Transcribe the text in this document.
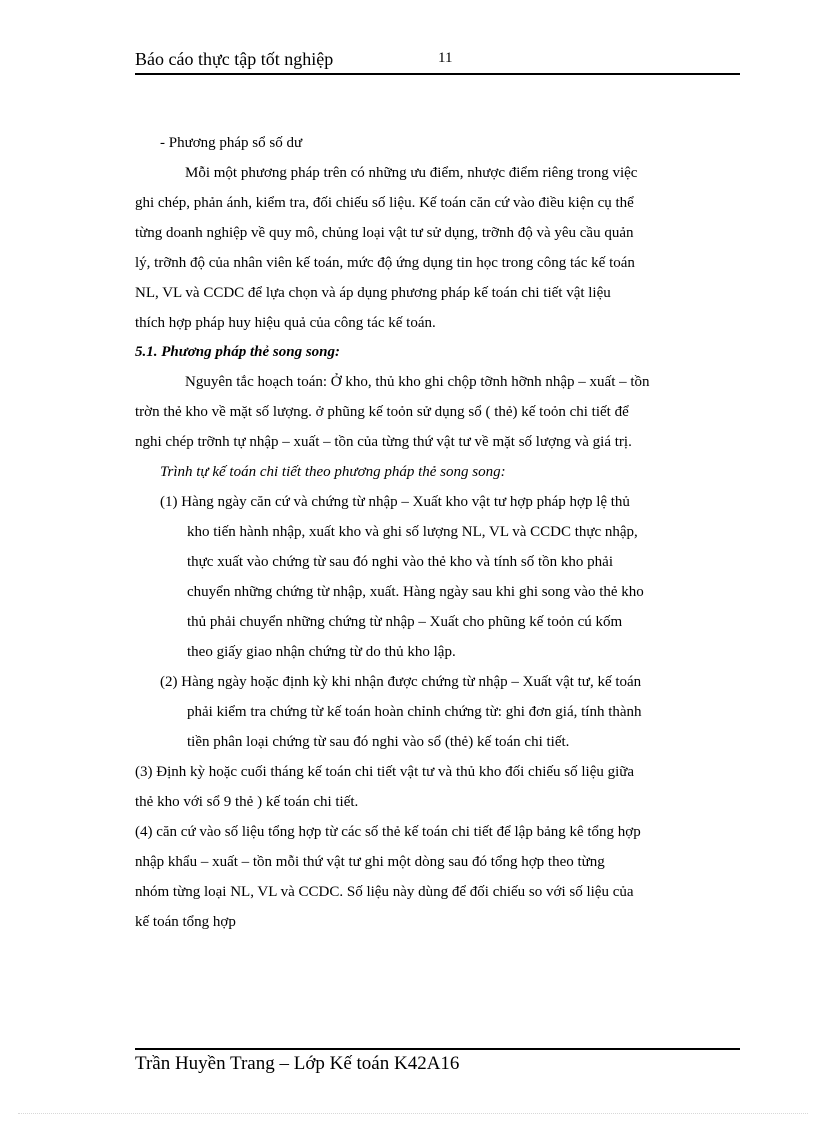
Báo cáo thực tập tốt nghiệp	11
- Phương pháp sổ số dư
Mỗi một phương pháp trên có những ưu điểm, nhược điểm riêng trong việc
ghi chép, phản ánh, kiểm tra, đối chiếu số liệu. Kế toán căn cứ vào điều kiện cụ thể
từng doanh nghiệp về quy mô, chủng loại vật tư sử dụng, trỡnh độ và yêu cầu quản
lý, trỡnh độ của nhân viên kế toán, mức độ ứng dụng tin học trong công tác kế toán
NL, VL và CCDC để lựa chọn và áp dụng phương pháp kế toán chi tiết vật liệu
thích hợp pháp huy hiệu quả của công tác kế toán.
5.1. Phương pháp thẻ song song:
Nguyên tắc hoạch toán: Ở kho, thủ kho ghi chộp tỡnh hỡnh nhập – xuất – tồn
trờn thẻ kho về mặt số lượng. ở phũng kế toỏn sử dụng sổ ( thẻ) kế toỏn chi tiết để
nghi chép trỡnh tự nhập – xuất – tồn của từng thứ vật tư về mặt số lượng và giá trị.
Trình tự kế toán chi tiết theo phương pháp thẻ song song:
(1) Hàng ngày căn cứ và chứng từ nhập – Xuất kho vật tư hợp pháp hợp lệ thủ
kho tiến hành nhập, xuất kho và ghi số lượng NL, VL và CCDC thực nhập,
thực xuất vào chứng từ sau đó nghi vào thẻ kho và tính số tồn kho phải
chuyển những chứng từ nhập, xuất. Hàng ngày sau khi ghi song vào thẻ kho
thủ phải chuyển những chứng từ nhập – Xuất cho phũng kế toỏn cú kốm
theo giấy giao nhận chứng từ do thủ kho lập.
(2) Hàng ngày hoặc định kỳ khi nhận được chứng từ nhập – Xuất vật tư, kế toán
phải kiểm tra chứng từ kế toán hoàn chỉnh chứng từ: ghi đơn giá, tính thành
tiền phân loại chứng từ sau đó nghi vào sổ (thẻ) kế toán chi tiết.
(3) Định kỳ hoặc cuối tháng kế toán chi tiết vật tư và thủ kho đối chiếu số liệu giữa
thẻ kho với sổ 9 thẻ ) kế toán chi tiết.
(4) căn cứ vào số liệu tổng hợp từ các số thẻ kế toán chi tiết để lập bảng kê tổng hợp
nhập khẩu – xuất – tồn mỗi thứ vật tư ghi một dòng sau đó tổng hợp theo từng
nhóm từng loại NL, VL và CCDC. Số liệu này dùng để đối chiếu so với số liệu của
kế toán tổng hợp
Trần Huyền Trang – Lớp Kế toán K42A16
